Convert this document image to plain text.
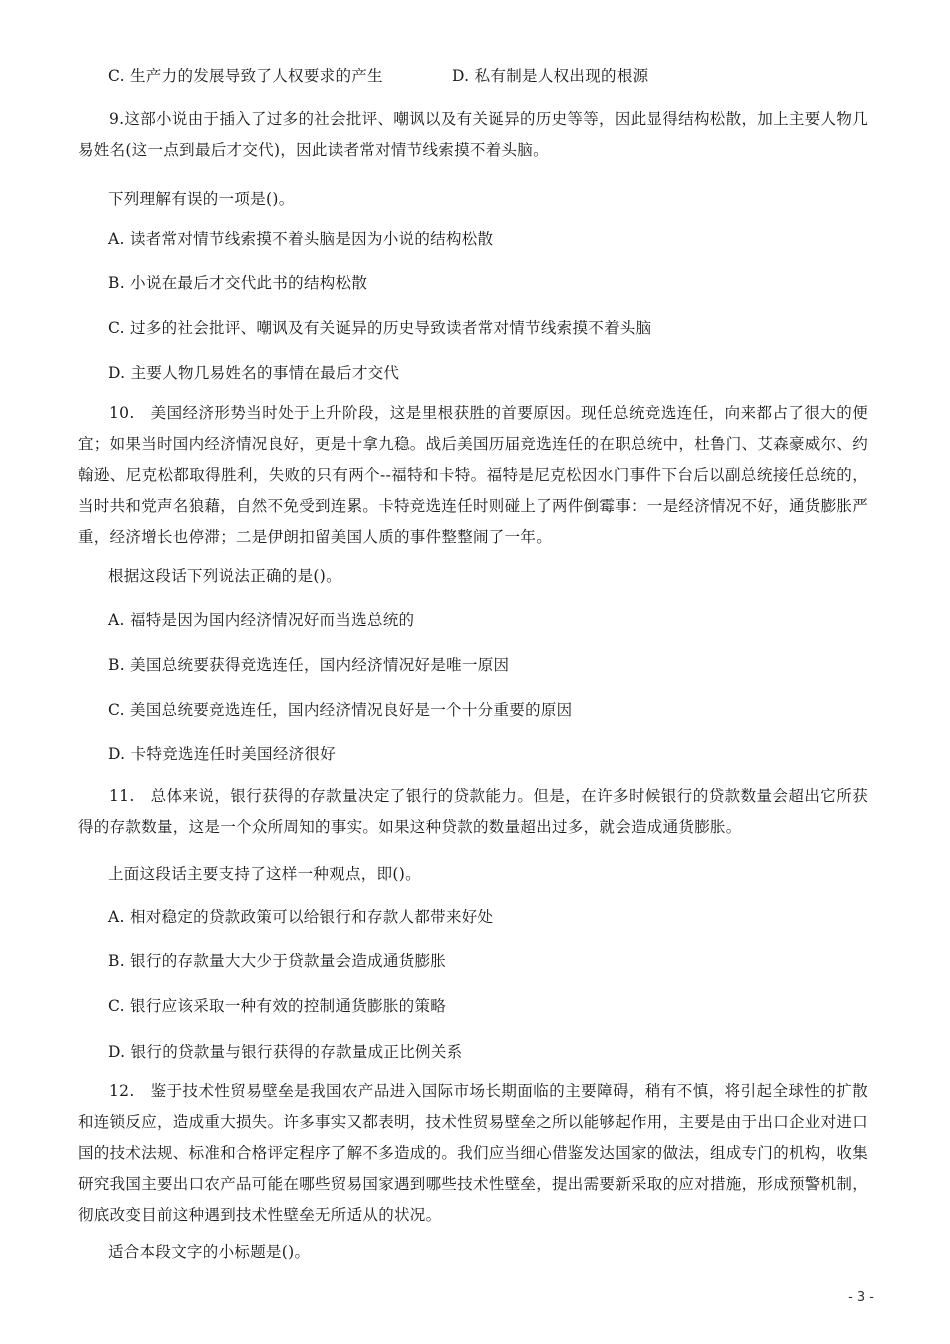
C. 生产力的发展导致了人权要求的产生	D. 私有制是人权出现的根源
9.这部小说由于插入了过多的社会批评、嘲讽以及有关诞异的历史等等，因此显得结构松散，加上主要人物几易姓名(这一点到最后才交代)，因此读者常对情节线索摸不着头脑。
下列理解有误的一项是()。
A. 读者常对情节线索摸不着头脑是因为小说的结构松散
B. 小说在最后才交代此书的结构松散
C. 过多的社会批评、嘲讽及有关诞异的历史导致读者常对情节线索摸不着头脑
D. 主要人物几易姓名的事情在最后才交代
10.　美国经济形势当时处于上升阶段，这是里根获胜的首要原因。现任总统竞选连任，向来都占了很大的便宜；如果当时国内经济情况良好，更是十拿九稳。战后美国历届竞选连任的在职总统中，杜鲁门、艾森豪威尔、约翰逊、尼克松都取得胜利，失败的只有两个--福特和卡特。福特是尼克松因水门事件下台后以副总统接任总统的，当时共和党声名狼藉，自然不免受到连累。卡特竞选连任时则碰上了两件倒霉事：一是经济情况不好，通货膨胀严重，经济增长也停滞；二是伊朗扣留美国人质的事件整整闹了一年。
根据这段话下列说法正确的是()。
A. 福特是因为国内经济情况好而当选总统的
B. 美国总统要获得竞选连任，国内经济情况好是唯一原因
C. 美国总统要竞选连任，国内经济情况良好是一个十分重要的原因
D. 卡特竞选连任时美国经济很好
11.　总体来说，银行获得的存款量决定了银行的贷款能力。但是，在许多时候银行的贷款数量会超出它所获得的存款数量，这是一个众所周知的事实。如果这种贷款的数量超出过多，就会造成通货膨胀。
上面这段话主要支持了这样一种观点，即()。
A. 相对稳定的贷款政策可以给银行和存款人都带来好处
B. 银行的存款量大大少于贷款量会造成通货膨胀
C. 银行应该采取一种有效的控制通货膨胀的策略
D. 银行的贷款量与银行获得的存款量成正比例关系
12.　鉴于技术性贸易壁垒是我国农产品进入国际市场长期面临的主要障碍，稍有不慎，将引起全球性的扩散和连锁反应，造成重大损失。许多事实又都表明，技术性贸易壁垒之所以能够起作用，主要是由于出口企业对进口国的技术法规、标准和合格评定程序了解不多造成的。我们应当细心借鉴发达国家的做法，组成专门的机构，收集研究我国主要出口农产品可能在哪些贸易国家遇到哪些技术性壁垒，提出需要新采取的应对措施，形成预警机制，彻底改变目前这种遇到技术性壁垒无所适从的状况。
适合本段文字的小标题是()。
- 3 -
